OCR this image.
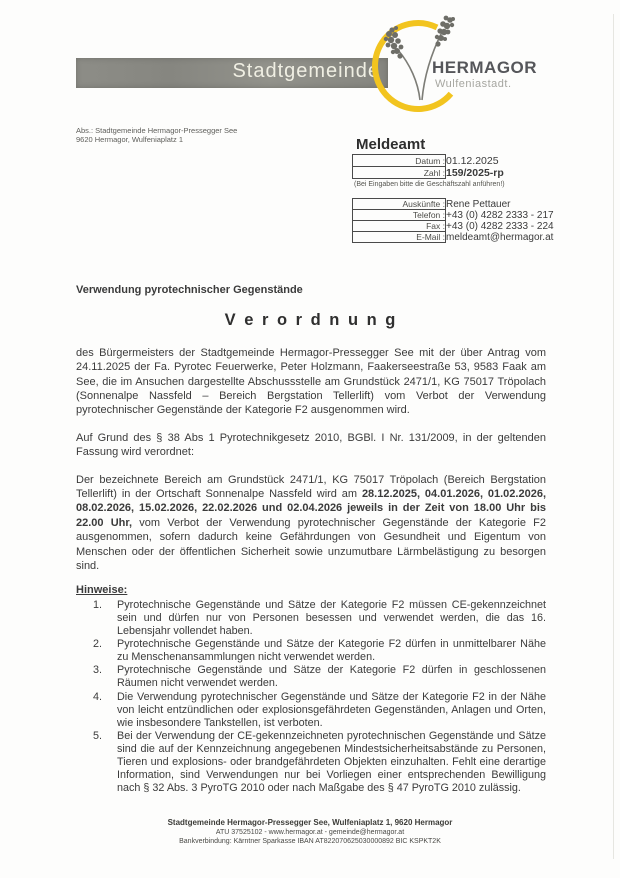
Stadtgemeinde	HERMAGOR
Wulfeniastadt.
Abs.: Stadtgemeinde Hermagor-Pressegger See
9620 Hermagor, Wulfeniaplatz 1	Meldeamt
Datum :	01.12.2025
Zahl :	159/2025-rp
(Bei Eingaben bitte die Geschäftszahl anführen!)
Auskünfte :	Rene Pettauer
Telefon :	+43 (0) 4282 2333 - 217
Fax :	+43 (0) 4282 2333 - 224
E-Mail :	meldeamt@hermagor.at
Verwendung pyrotechnischer Gegenstände
V e r o r d n u n g

des Bürgermeisters der Stadtgemeinde Hermagor-Pressegger See mit der über Antrag vom 24.11.2025 der Fa. Pyrotec Feuerwerke, Peter Holzmann, Faakerseestraße 53, 9583 Faak am See, die im Ansuchen dargestellte Abschussstelle am Grundstück 2471/1, KG 75017 Tröpolach (Sonnenalpe Nassfeld – Bereich Bergstation Tellerlift) vom Verbot der Verwendung pyrotechnischer Gegenstände der Kategorie F2 ausgenommen wird.

Auf Grund des § 38 Abs 1 Pyrotechnikgesetz 2010, BGBl. I Nr. 131/2009, in der geltenden Fassung wird verordnet:

Der bezeichnete Bereich am Grundstück 2471/1, KG 75017 Tröpolach (Bereich Bergstation Tellerlift) in der Ortschaft Sonnenalpe Nassfeld wird am 28.12.2025, 04.01.2026, 01.02.2026, 08.02.2026, 15.02.2026, 22.02.2026 und 02.04.2026 jeweils in der Zeit von 18.00 Uhr bis 22.00 Uhr, vom Verbot der Verwendung pyrotechnischer Gegenstände der Kategorie F2 ausgenommen, sofern dadurch keine Gefährdungen von Gesundheit und Eigentum von Menschen oder der öffentlichen Sicherheit sowie unzumutbare Lärmbelästigung zu besorgen sind.

Hinweise:
1.	Pyrotechnische Gegenstände und Sätze der Kategorie F2 müssen CE-gekennzeichnet sein und dürfen nur von Personen besessen und verwendet werden, die das 16. Lebensjahr vollendet haben.
2.	Pyrotechnische Gegenstände und Sätze der Kategorie F2 dürfen in unmittelbarer Nähe zu Menschenansammlungen nicht verwendet werden.
3.	Pyrotechnische Gegenstände und Sätze der Kategorie F2 dürfen in geschlossenen Räumen nicht verwendet werden.
4.	Die Verwendung pyrotechnischer Gegenstände und Sätze der Kategorie F2 in der Nähe von leicht entzündlichen oder explosionsgefährdeten Gegenständen, Anlagen und Orten, wie insbesondere Tankstellen, ist verboten.
5.	Bei der Verwendung der CE-gekennzeichneten pyrotechnischen Gegenstände und Sätze sind die auf der Kennzeichnung angegebenen Mindestsicherheitsabstände zu Personen, Tieren und explosions- oder brandgefährdeten Objekten einzuhalten. Fehlt eine derartige Information, sind Verwendungen nur bei Vorliegen einer entsprechenden Bewilligung nach § 32 Abs. 3 PyroTG 2010 oder nach Maßgabe des § 47 PyroTG 2010 zulässig.
Stadtgemeinde Hermagor-Pressegger See, Wulfeniaplatz 1, 9620 Hermagor
ATU 37525102 - www.hermagor.at - gemeinde@hermagor.at
Bankverbindung: Kärntner Sparkasse IBAN AT822070625030000892 BIC KSPKT2K
